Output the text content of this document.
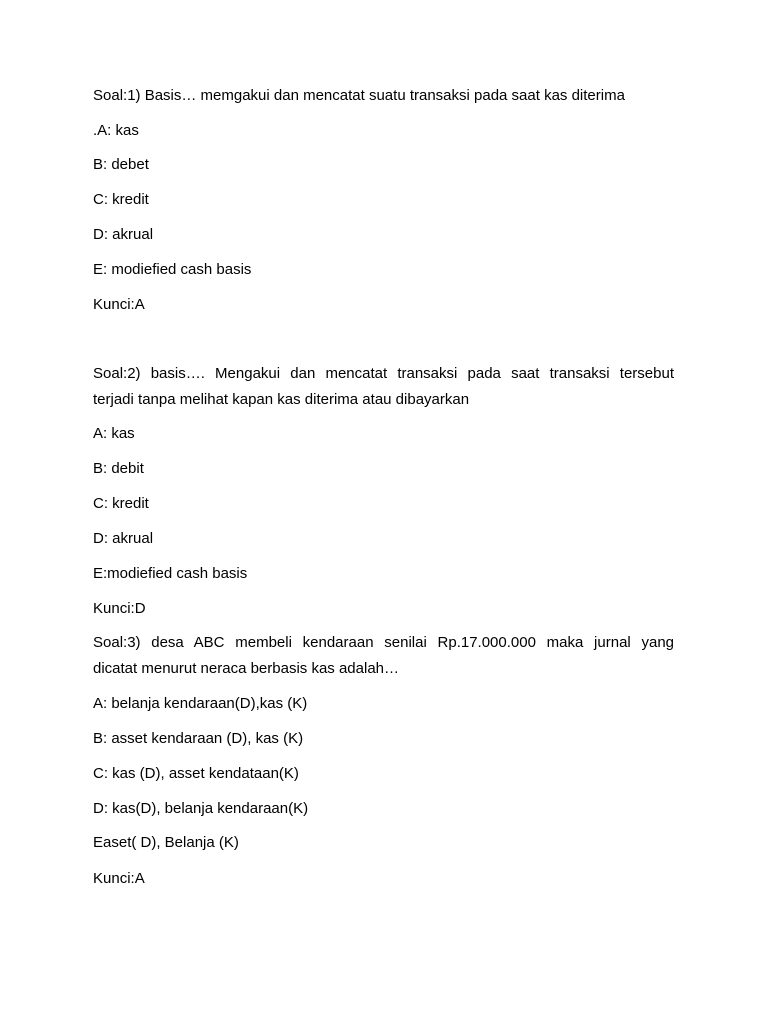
Soal:1) Basis… memgakui dan mencatat suatu transaksi pada saat kas diterima
.A: kas
B: debet
C: kredit
D: akrual
E: modiefied cash basis
Kunci:A
Soal:2) basis…. Mengakui dan mencatat transaksi pada saat transaksi tersebut
terjadi tanpa melihat kapan kas diterima atau dibayarkan
A: kas
B: debit
C: kredit
D: akrual
E:modiefied cash basis
Kunci:D
Soal:3) desa ABC membeli kendaraan senilai Rp.17.000.000 maka jurnal yang
dicatat menurut neraca berbasis kas adalah…
A: belanja kendaraan(D),kas (K)
B: asset kendaraan (D), kas (K)
C: kas (D), asset kendataan(K)
D: kas(D), belanja kendaraan(K)
Easet( D), Belanja (K)
Kunci:A
